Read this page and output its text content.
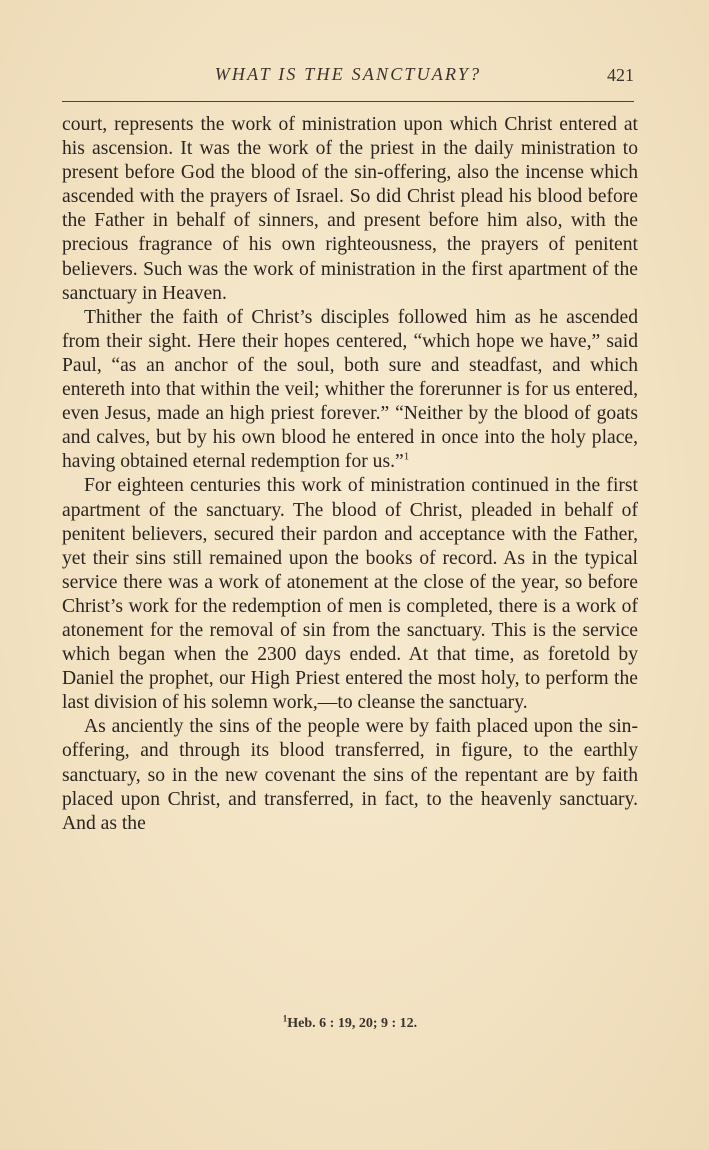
WHAT IS THE SANCTUARY?	421

court, represents the work of ministration upon which Christ entered at his ascension. It was the work of the priest in the daily ministration to present before God the blood of the sin-offering, also the incense which ascended with the prayers of Israel. So did Christ plead his blood before the Father in behalf of sinners, and present before him also, with the precious fragrance of his own righteousness, the prayers of penitent believers. Such was the work of ministration in the first apartment of the sanctuary in Heaven.

Thither the faith of Christ’s disciples followed him as he ascended from their sight. Here their hopes centered, “which hope we have,” said Paul, “as an anchor of the soul, both sure and steadfast, and which entereth into that within the veil; whither the forerunner is for us entered, even Jesus, made an high priest forever.” “Neither by the blood of goats and calves, but by his own blood he entered in once into the holy place, having obtained eternal redemption for us.”$^1$

For eighteen centuries this work of ministration continued in the first apartment of the sanctuary. The blood of Christ, pleaded in behalf of penitent believers, secured their pardon and acceptance with the Father, yet their sins still remained upon the books of record. As in the typical service there was a work of atonement at the close of the year, so before Christ’s work for the redemption of men is completed, there is a work of atonement for the removal of sin from the sanctuary. This is the service which began when the 2300 days ended. At that time, as foretold by Daniel the prophet, our High Priest entered the most holy, to perform the last division of his solemn work,—to cleanse the sanctuary.

As anciently the sins of the people were by faith placed upon the sin-offering, and through its blood transferred, in figure, to the earthly sanctuary, so in the new covenant the sins of the repentant are by faith placed upon Christ, and transferred, in fact, to the heavenly sanctuary. And as the

$^1$Heb. 6 : 19, 20; 9 : 12.
